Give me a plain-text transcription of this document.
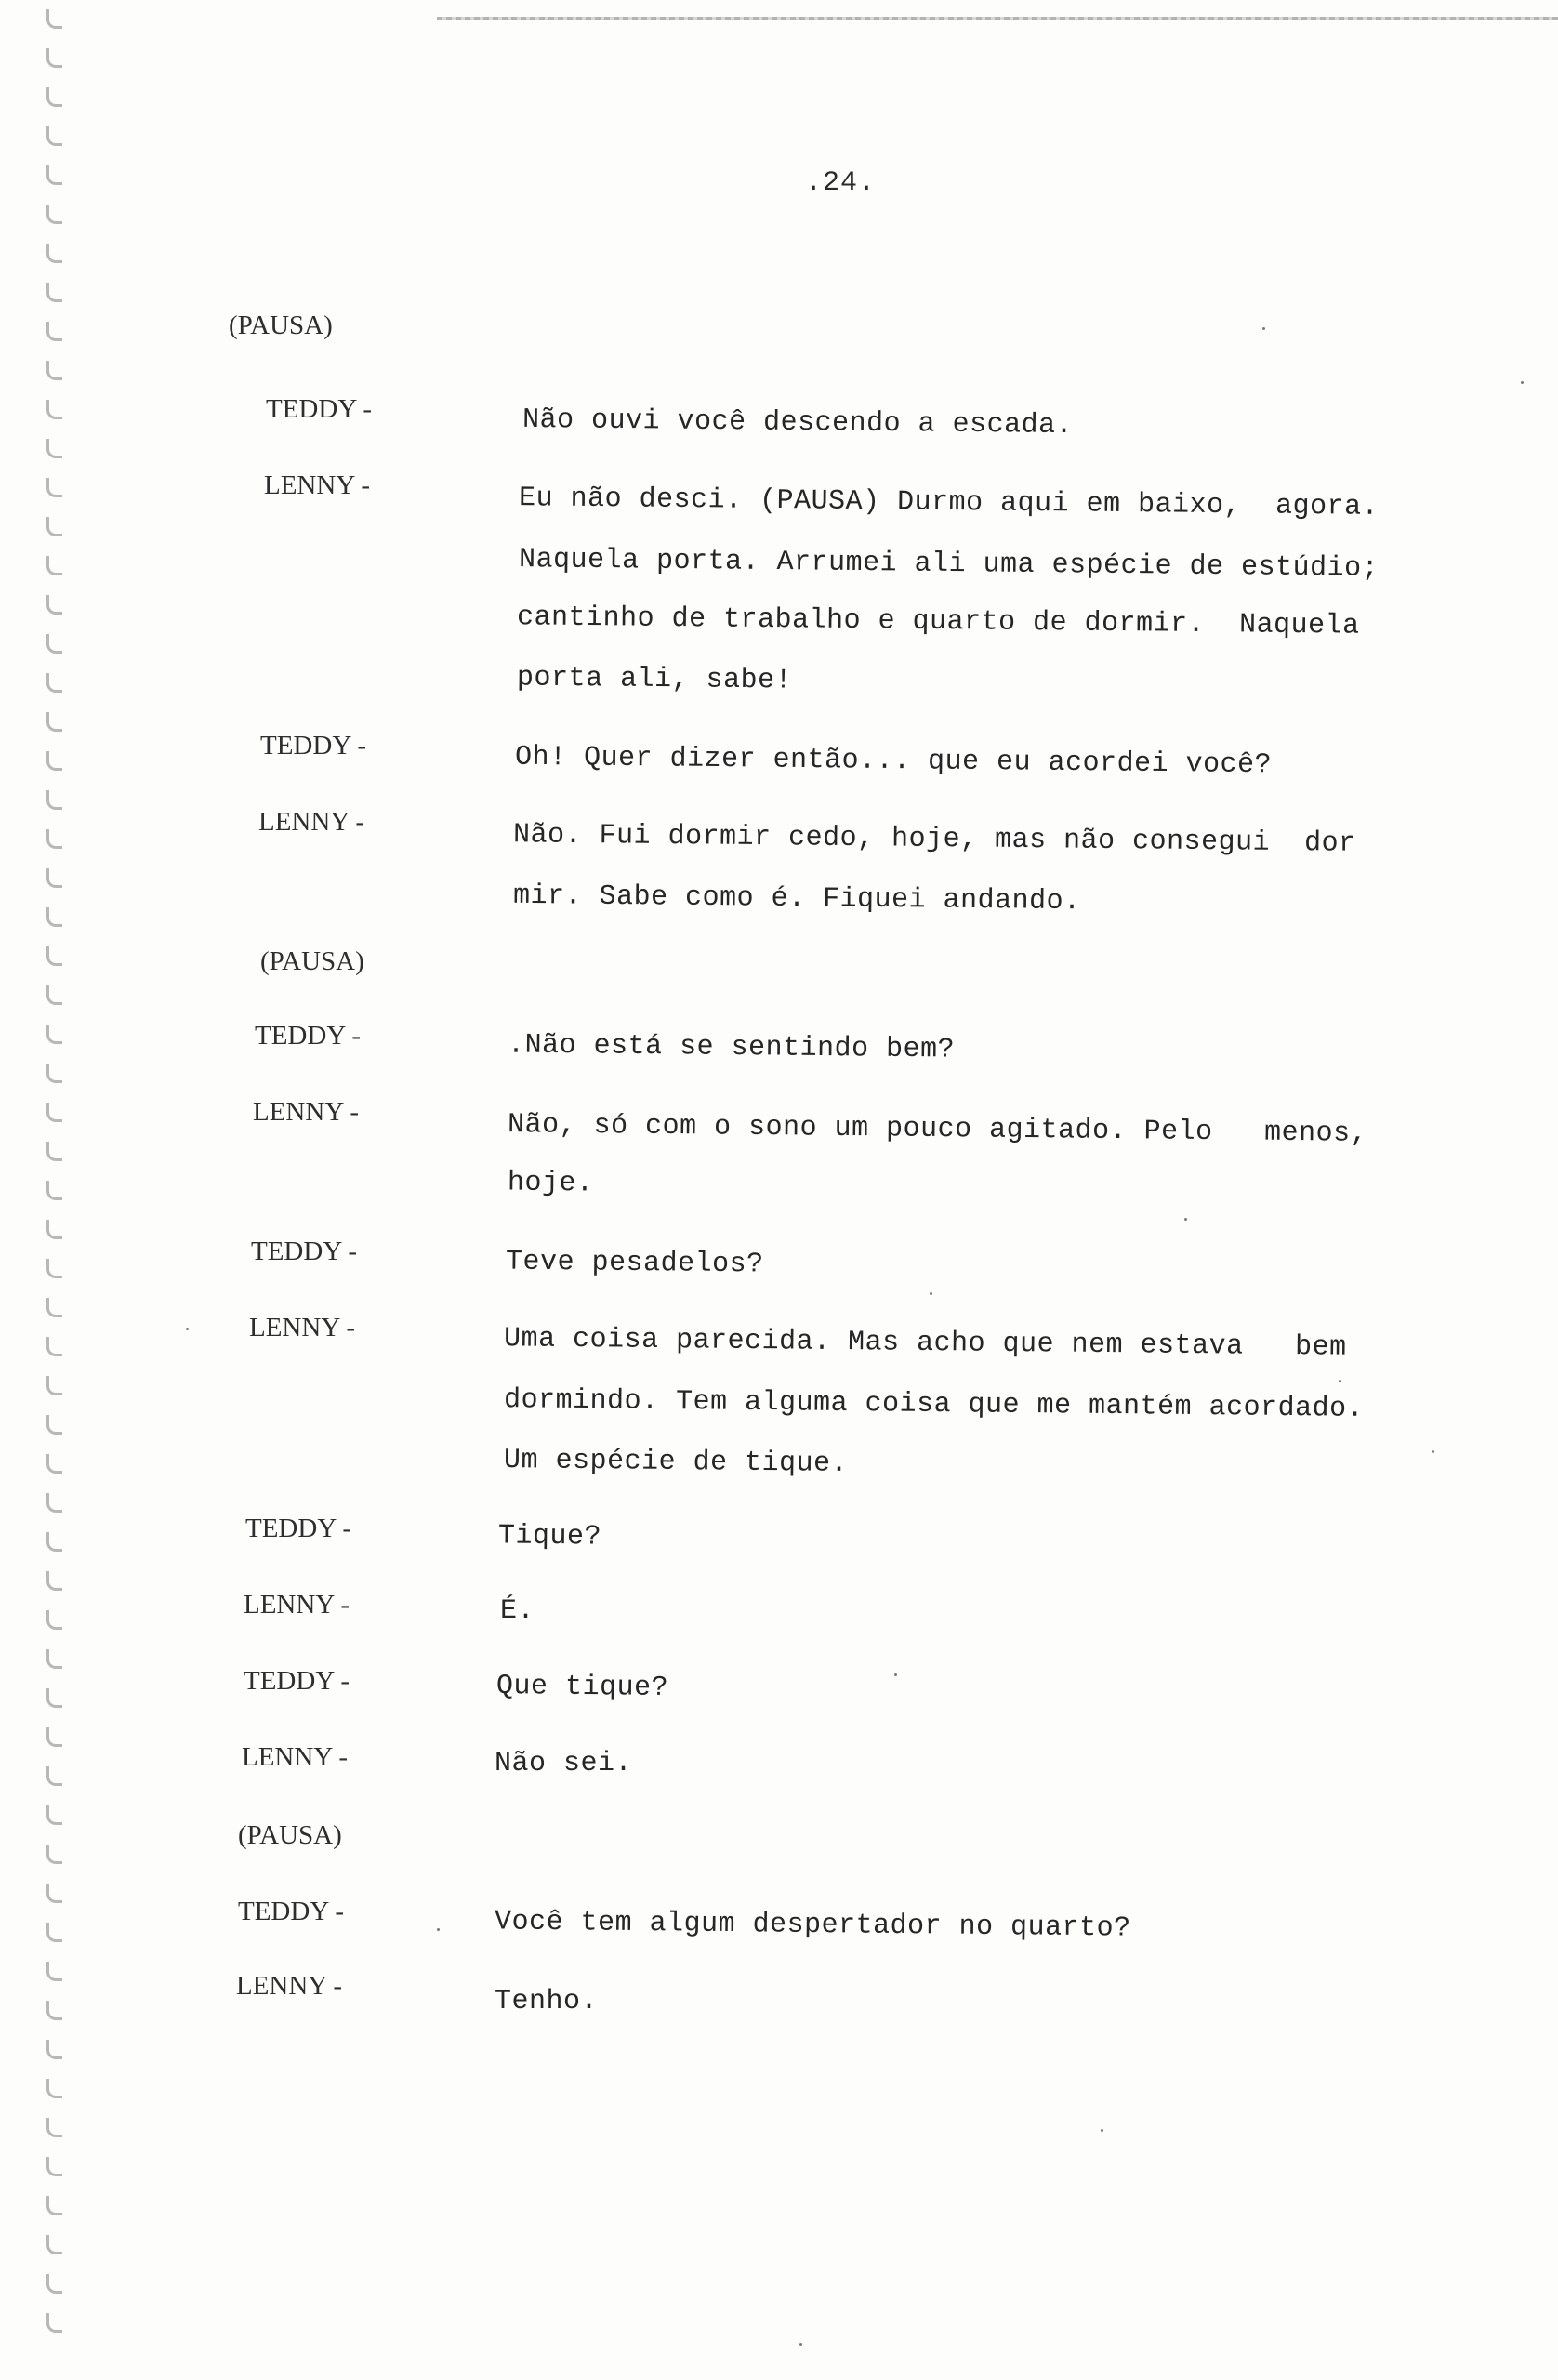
.24.
(PAUSA)
TEDDY -	Não ouvi você descendo a escada.
LENNY -	Eu não desci. (PAUSA) Durmo aqui em baixo,  agora.
Naquela porta. Arrumei ali uma espécie de estúdio;
cantinho de trabalho e quarto de dormir.  Naquela
porta ali, sabe!
TEDDY -	Oh! Quer dizer então... que eu acordei você?
LENNY -	Não. Fui dormir cedo, hoje, mas não consegui  dor
mir. Sabe como é. Fiquei andando.
(PAUSA)
TEDDY -	.Não está se sentindo bem?
LENNY -	Não, só com o sono um pouco agitado. Pelo   menos,
hoje.
TEDDY -	Teve pesadelos?
LENNY -	Uma coisa parecida. Mas acho que nem estava   bem
dormindo. Tem alguma coisa que me mantém acordado.
Um espécie de tique.
TEDDY -	Tique?
LENNY -	É.
TEDDY -	Que tique?
LENNY -	Não sei.
(PAUSA)
TEDDY -	Você tem algum despertador no quarto?
LENNY -	Tenho.
